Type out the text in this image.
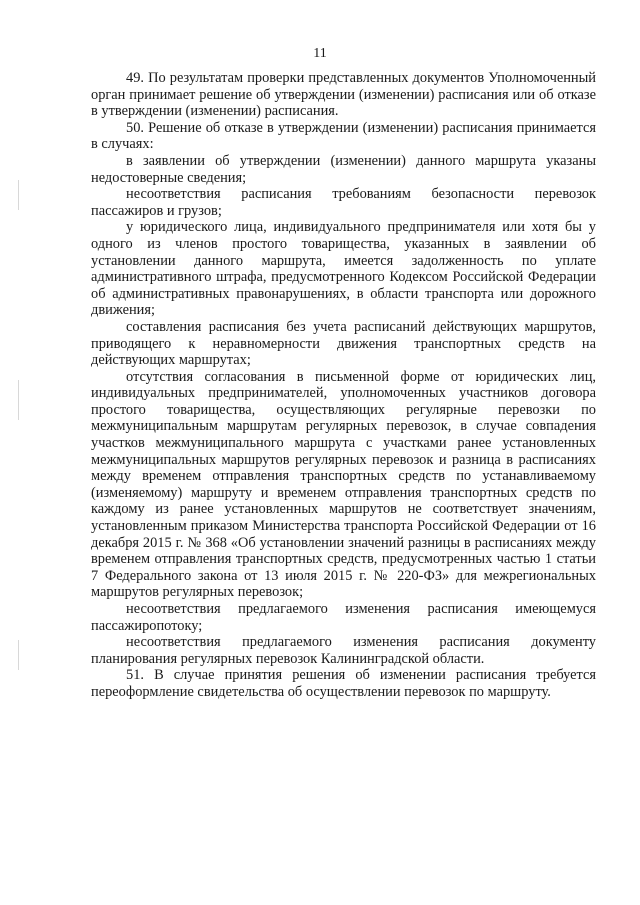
11

49. По результатам проверки представленных документов Уполномоченный орган принимает решение об утверждении (изменении) расписания или об отказе в утверждении (изменении) расписания.

50. Решение об отказе в утверждении (изменении) расписания принимается в случаях:

в заявлении об утверждении (изменении) данного маршрута указаны недостоверные сведения;

несоответствия расписания требованиям безопасности перевозок пассажиров и грузов;

у юридического лица, индивидуального предпринимателя или хотя бы у одного из членов простого товарищества, указанных в заявлении об установлении данного маршрута, имеется задолженность по уплате административного штрафа, предусмотренного Кодексом Российской Федерации об административных правонарушениях, в области транспорта или дорожного движения;

составления расписания без учета расписаний действующих маршрутов, приводящего к неравномерности движения транспортных средств на действующих маршрутах;

отсутствия согласования в письменной форме от юридических лиц, индивидуальных предпринимателей, уполномоченных участников договора простого товарищества, осуществляющих регулярные перевозки по межмуниципальным маршрутам регулярных перевозок, в случае совпадения участков межмуниципального маршрута с участками ранее установленных межмуниципальных маршрутов регулярных перевозок и разница в расписаниях между временем отправления транспортных средств по устанавливаемому (изменяемому) маршруту и временем отправления транспортных средств по каждому из ранее установленных маршрутов не соответствует значениям, установленным приказом Министерства транспорта Российской Федерации от 16 декабря 2015 г. № 368 «Об установлении значений разницы в расписаниях между временем отправления транспортных средств, предусмотренных частью 1 статьи 7 Федерального закона от 13 июля 2015 г. № 220-ФЗ» для межрегиональных маршрутов регулярных перевозок;

несоответствия предлагаемого изменения расписания имеющемуся пассажиропотоку;

несоответствия предлагаемого изменения расписания документу планирования регулярных перевозок Калининградской области.

51. В случае принятия решения об изменении расписания требуется переоформление свидетельства об осуществлении перевозок по маршруту.
